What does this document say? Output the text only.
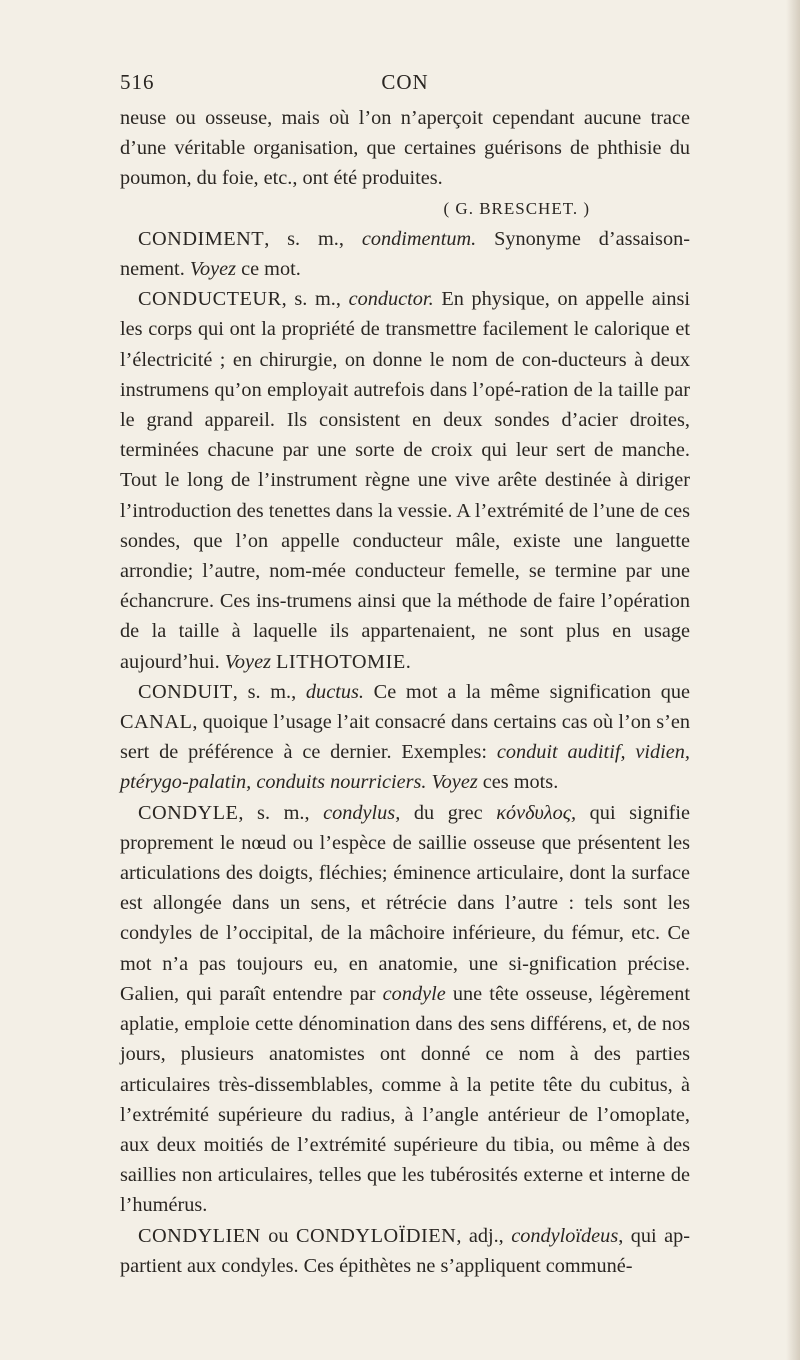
516	CON

neuse ou osseuse, mais où l’on n’aperçoit cependant aucune trace d’une véritable organisation, que certaines guérisons de phthisie du poumon, du foie, etc., ont été produites.

( G. BRESCHET. )

CONDIMENT, s. m., condimentum. Synonyme d’assaison-nement. Voyez ce mot.

CONDUCTEUR, s. m., conductor. En physique, on appelle ainsi les corps qui ont la propriété de transmettre facilement le calorique et l’électricité ; en chirurgie, on donne le nom de con-ducteurs à deux instrumens qu’on employait autrefois dans l’opé-ration de la taille par le grand appareil. Ils consistent en deux sondes d’acier droites, terminées chacune par une sorte de croix qui leur sert de manche. Tout le long de l’instrument règne une vive arête destinée à diriger l’introduction des tenettes dans la vessie. A l’extrémité de l’une de ces sondes, que l’on appelle conducteur mâle, existe une languette arrondie; l’autre, nom-mée conducteur femelle, se termine par une échancrure. Ces ins-trumens ainsi que la méthode de faire l’opération de la taille à laquelle ils appartenaient, ne sont plus en usage aujourd’hui. Voyez LITHOTOMIE.

CONDUIT, s. m., ductus. Ce mot a la même signification que CANAL, quoique l’usage l’ait consacré dans certains cas où l’on s’en sert de préférence à ce dernier. Exemples: conduit auditif, vidien, ptérygo-palatin, conduits nourriciers. Voyez ces mots.

CONDYLE, s. m., condylus, du grec κόνδυλος, qui signifie proprement le nœud ou l’espèce de saillie osseuse que présentent les articulations des doigts, fléchies; éminence articulaire, dont la surface est allongée dans un sens, et rétrécie dans l’autre : tels sont les condyles de l’occipital, de la mâchoire inférieure, du fémur, etc. Ce mot n’a pas toujours eu, en anatomie, une si-gnification précise. Galien, qui paraît entendre par condyle une tête osseuse, légèrement aplatie, emploie cette dénomination dans des sens différens, et, de nos jours, plusieurs anatomistes ont donné ce nom à des parties articulaires très-dissemblables, comme à la petite tête du cubitus, à l’extrémité supérieure du radius, à l’angle antérieur de l’omoplate, aux deux moitiés de l’extrémité supérieure du tibia, ou même à des saillies non articulaires, telles que les tubérosités externe et interne de l’humérus.

CONDYLIEN ou CONDYLOÏDIEN, adj., condyloïdeus, qui ap-partient aux condyles. Ces épithètes ne s’appliquent communé-
